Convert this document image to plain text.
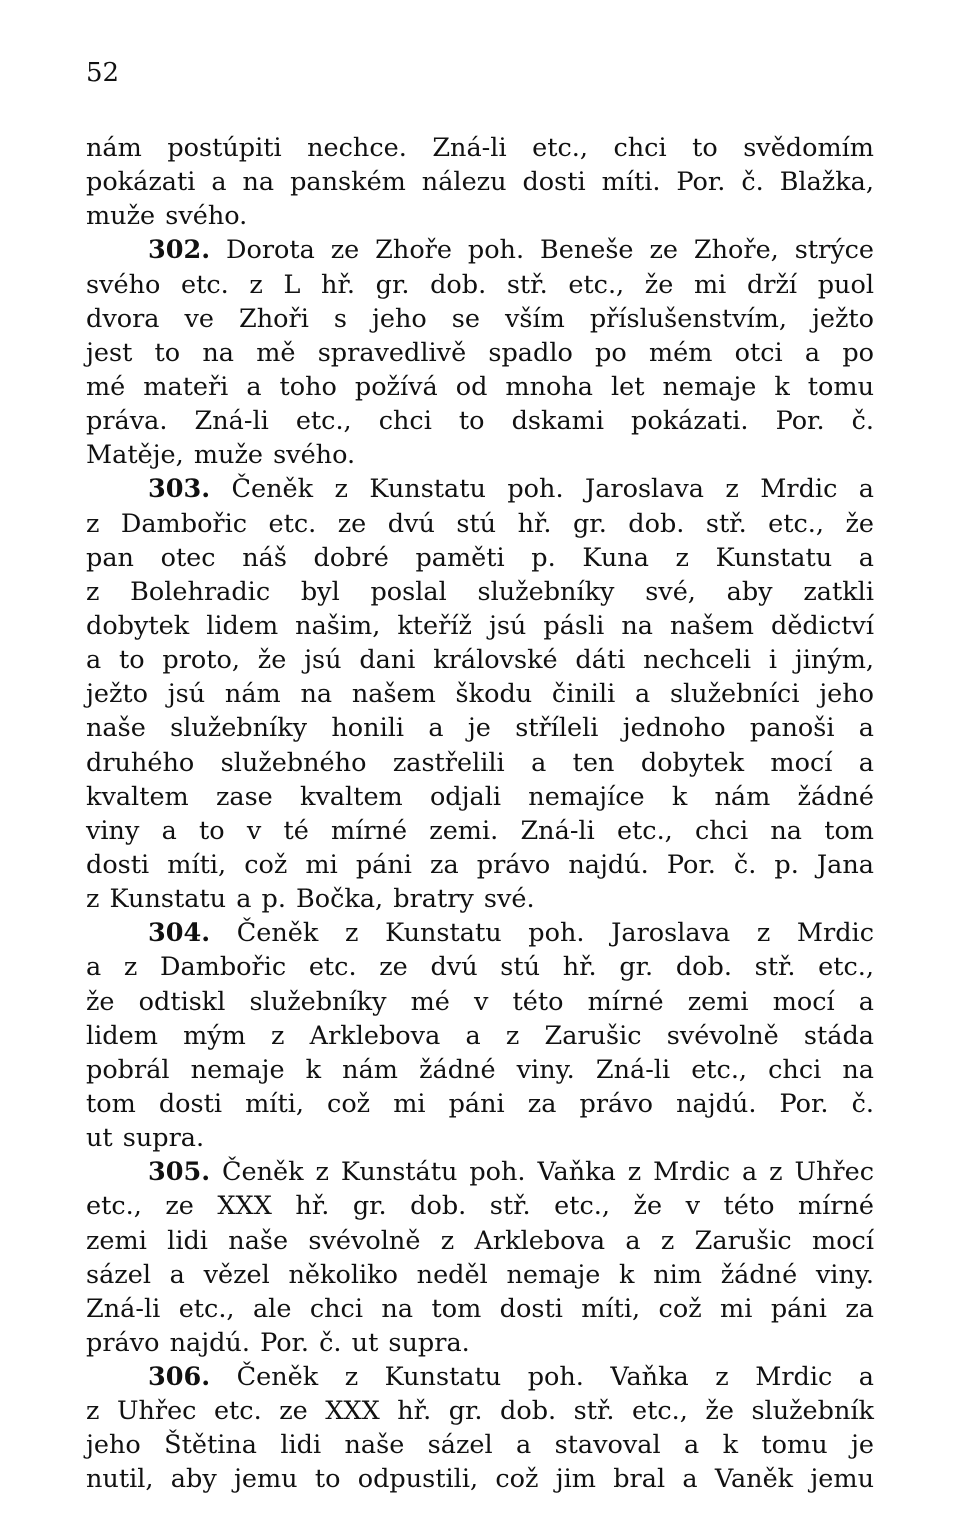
52
nám postúpiti nechce. Zná-li etc., chci to svědomím
pokázati a na panském nálezu dosti míti. Por. č. Blažka,
muže svého.
302. Dorota ze Zhoře poh. Beneše ze Zhoře, strýce
svého etc. z L hř. gr. dob. stř. etc., že mi drží puol
dvora ve Zhoři s jeho se vším příslušenstvím, ježto
jest to na mě spravedlivě spadlo po mém otci a po
mé mateři a toho požívá od mnoha let nemaje k tomu
práva. Zná-li etc., chci to dskami pokázati. Por. č.
Matěje, muže svého.
303. Čeněk z Kunstatu poh. Jaroslava z Mrdic a
z Dambořic etc. ze dvú stú hř. gr. dob. stř. etc., že
pan otec náš dobré paměti p. Kuna z Kunstatu a
z Bolehradic byl poslal služebníky své, aby zatkli
dobytek lidem našim, kteříž jsú pásli na našem dědictví
a to proto, že jsú dani královské dáti nechceli i jiným,
ježto jsú nám na našem škodu činili a služebníci jeho
naše služebníky honili a je stříleli jednoho panoši a
druhého služebného zastřelili a ten dobytek mocí a
kvaltem zase kvaltem odjali nemajíce k nám žádné
viny a to v té mírné zemi. Zná-li etc., chci na tom
dosti míti, což mi páni za právo najdú. Por. č. p. Jana
z Kunstatu a p. Bočka, bratry své.
304. Čeněk z Kunstatu poh. Jaroslava z Mrdic
a z Dambořic etc. ze dvú stú hř. gr. dob. stř. etc.,
že odtiskl služebníky mé v této mírné zemi mocí a
lidem mým z Arklebova a z Zarušic svévolně stáda
pobrál nemaje k nám žádné viny. Zná-li etc., chci na
tom dosti míti, což mi páni za právo najdú. Por. č.
ut supra.
305. Čeněk z Kunstátu poh. Vaňka z Mrdic a z Uhřec
etc., ze XXX hř. gr. dob. stř. etc., že v této mírné
zemi lidi naše svévolně z Arklebova a z Zarušic mocí
sázel a vězel několiko neděl nemaje k nim žádné viny.
Zná-li etc., ale chci na tom dosti míti, což mi páni za
právo najdú. Por. č. ut supra.
306. Čeněk z Kunstatu poh. Vaňka z Mrdic a
z Uhřec etc. ze XXX hř. gr. dob. stř. etc., že služebník
jeho Štětina lidi naše sázel a stavoval a k tomu je
nutil, aby jemu to odpustili, což jim bral a Vaněk jemu
